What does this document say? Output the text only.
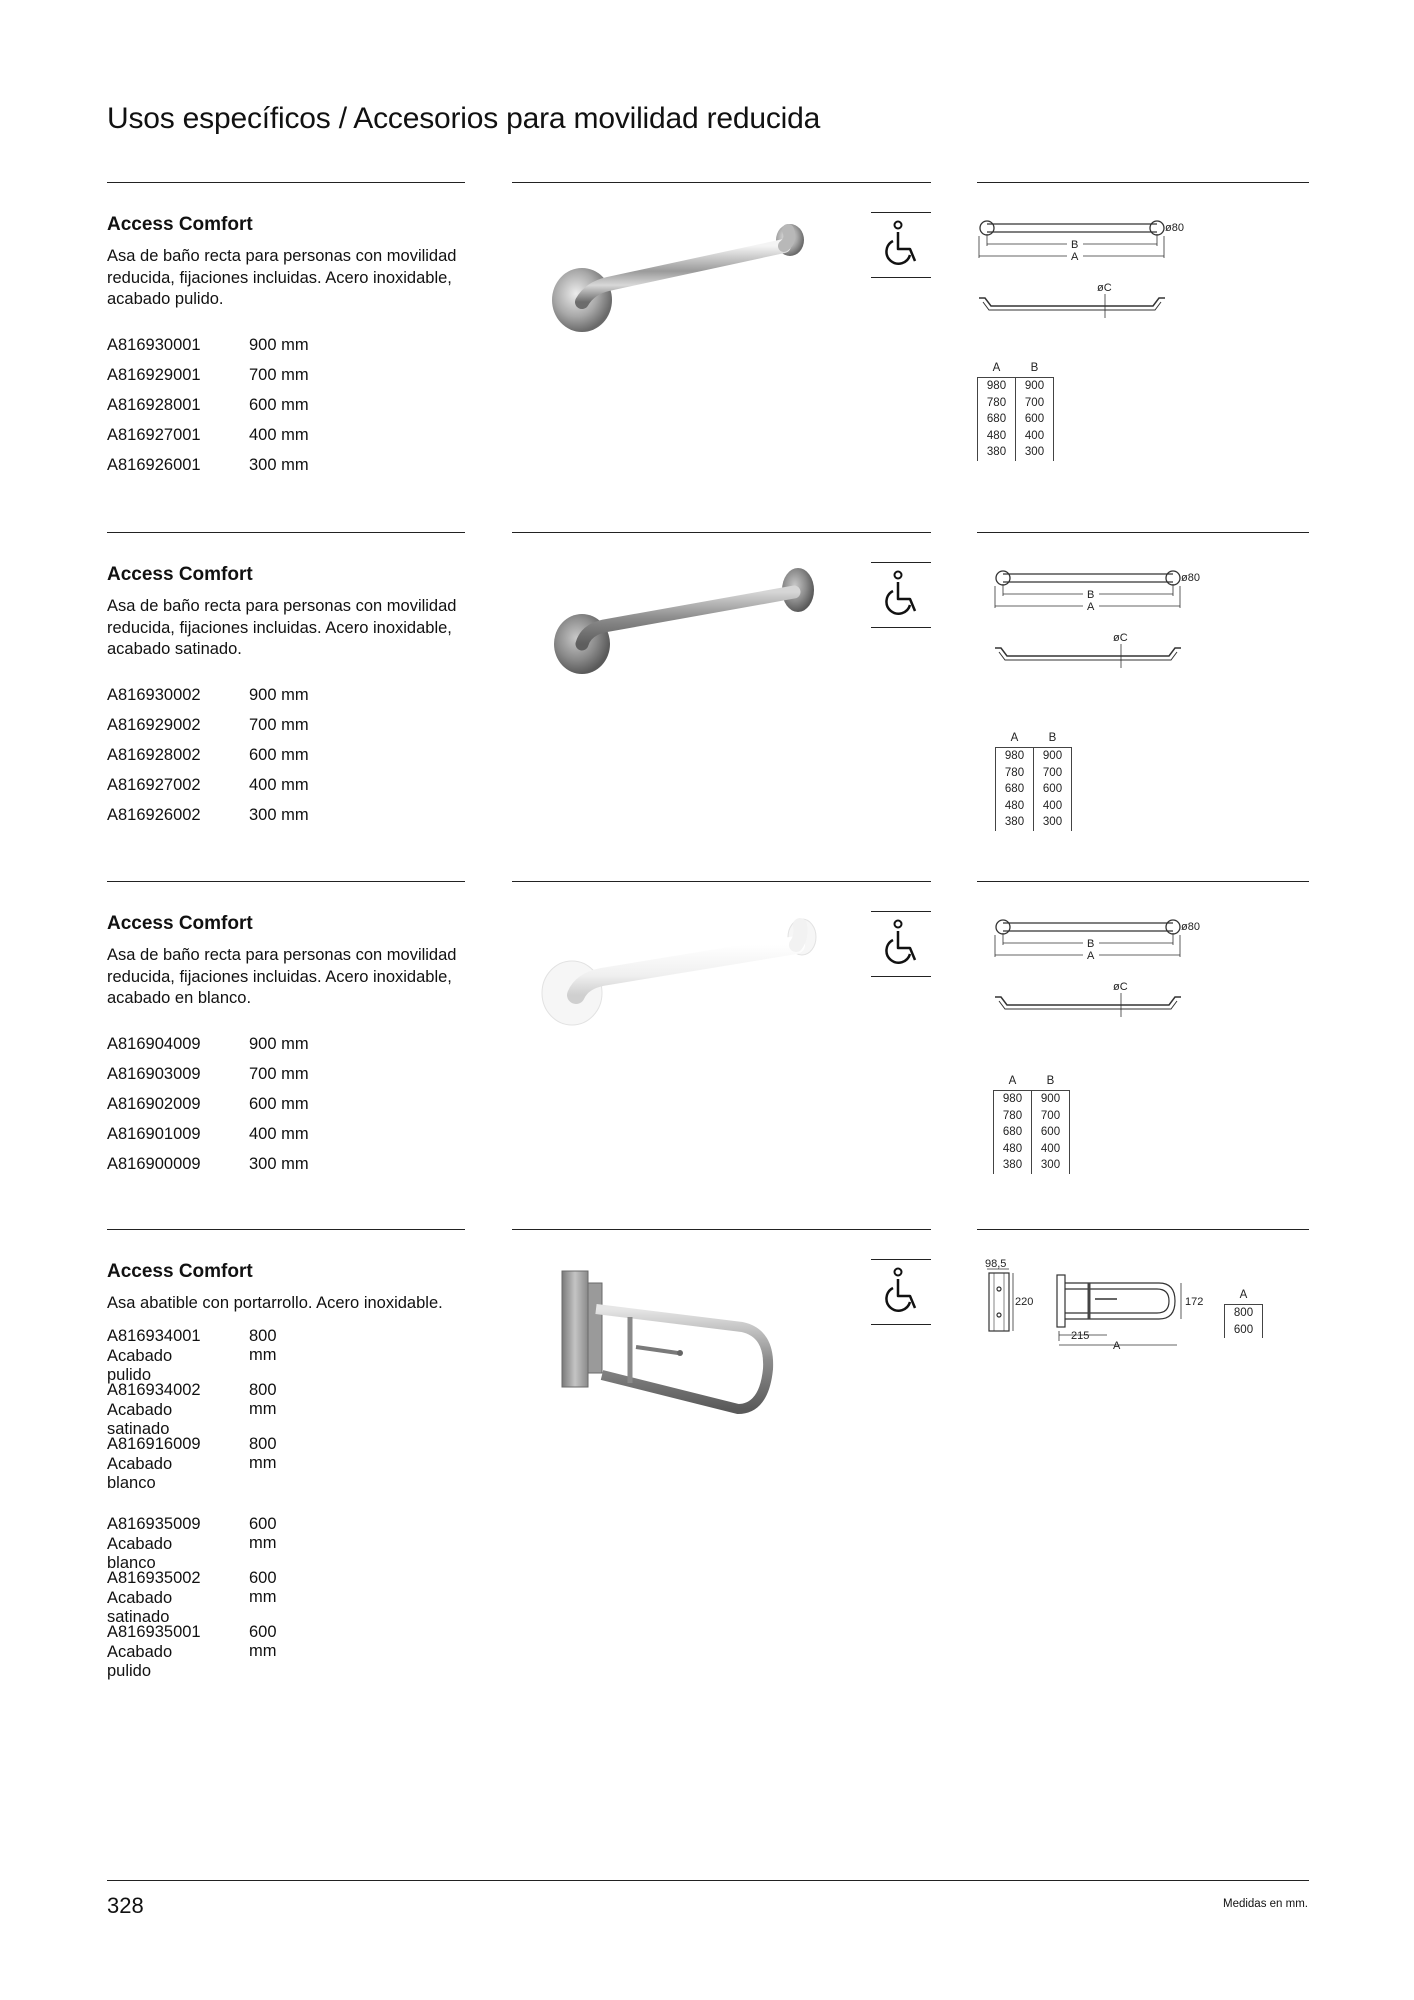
Usos específicos / Accesorios para movilidad reducida
Access Comfort
Asa de baño recta para personas con movilidad reducida, fijaciones incluidas. Acero inoxidable, acabado pulido.
A816930001	900 mm
A816929001	700 mm
A816928001	600 mm
A816927001	400 mm
A816926001	300 mm
ø80
B
A
øC
A	B
980	900
780	700
680	600
480	400
380	300
Access Comfort
Asa de baño recta para personas con movilidad reducida, fijaciones incluidas. Acero inoxidable, acabado satinado.
A816930002	900 mm
A816929002	700 mm
A816928002	600 mm
A816927002	400 mm
A816926002	300 mm
ø80
B
A
øC
A	B
980	900
780	700
680	600
480	400
380	300
Access Comfort
Asa de baño recta para personas con movilidad reducida, fijaciones incluidas. Acero inoxidable, acabado en blanco.
A816904009	900 mm
A816903009	700 mm
A816902009	600 mm
A816901009	400 mm
A816900009	300 mm
ø80
B
A
øC
A	B
980	900
780	700
680	600
480	400
380	300
Access Comfort
Asa abatible con portarrollo. Acero inoxidable.
A816934001	800 mm
Acabado pulido
A816934002	800 mm
Acabado satinado
A816916009	800 mm
Acabado blanco
A816935009	600 mm
Acabado blanco
A816935002	600 mm
Acabado satinado
A816935001	600 mm
Acabado pulido
98,5
220
215
A
172
A
800
600
328	Medidas en mm.
